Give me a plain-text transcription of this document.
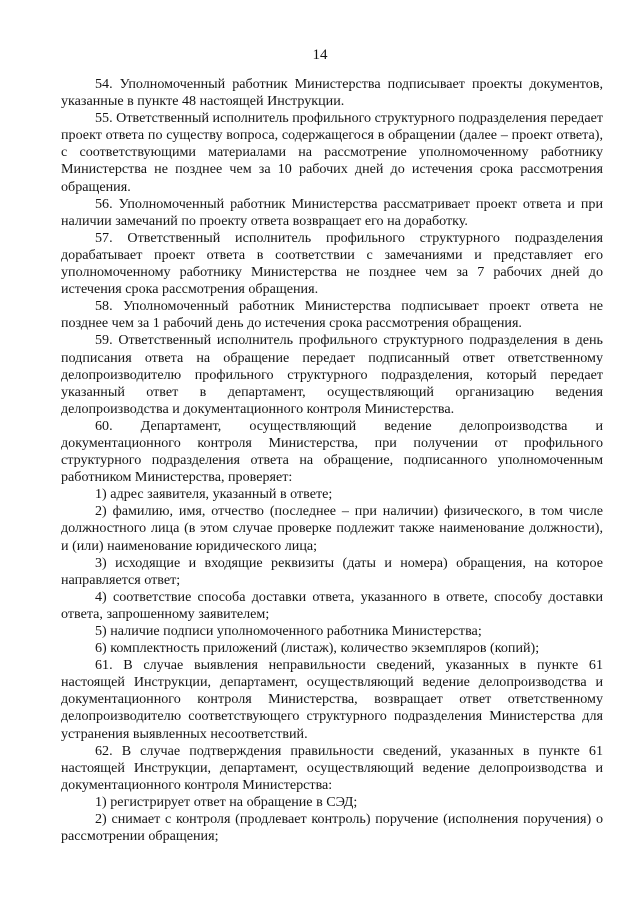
14

54. Уполномоченный работник Министерства подписывает проекты документов, указанные в пункте 48 настоящей Инструкции.

55. Ответственный исполнитель профильного структурного подразделения передает проект ответа по существу вопроса, содержащегося в обращении (далее – проект ответа), с соответствующими материалами на рассмотрение уполномоченному работнику Министерства не позднее чем за 10 рабочих дней до истечения срока рассмотрения обращения.

56. Уполномоченный работник Министерства рассматривает проект ответа и при наличии замечаний по проекту ответа возвращает его на доработку.

57. Ответственный исполнитель профильного структурного подразделения дорабатывает проект ответа в соответствии с замечаниями и представляет его уполномоченному работнику Министерства не позднее чем за 7 рабочих дней до истечения срока рассмотрения обращения.

58. Уполномоченный работник Министерства подписывает проект ответа не позднее чем за 1 рабочий день до истечения срока рассмотрения обращения.

59. Ответственный исполнитель профильного структурного подразделения в день подписания ответа на обращение передает подписанный ответ ответственному делопроизводителю профильного структурного подразделения, который передает указанный ответ в департамент, осуществляющий организацию ведения делопроизводства и документационного контроля Министерства.

60. Департамент, осуществляющий ведение делопроизводства и документационного контроля Министерства, при получении от профильного структурного подразделения ответа на обращение, подписанного уполномоченным работником Министерства, проверяет:

1) адрес заявителя, указанный в ответе;

2) фамилию, имя, отчество (последнее – при наличии) физического, в том числе должностного лица (в этом случае проверке подлежит также наименование должности), и (или) наименование юридического лица;

3) исходящие и входящие реквизиты (даты и номера) обращения, на которое направляется ответ;

4) соответствие способа доставки ответа, указанного в ответе, способу доставки ответа, запрошенному заявителем;

5) наличие подписи уполномоченного работника Министерства;

6) комплектность приложений (листаж), количество экземпляров (копий);

61. В случае выявления неправильности сведений, указанных в пункте 61 настоящей Инструкции, департамент, осуществляющий ведение делопроизводства и документационного контроля Министерства, возвращает ответ ответственному делопроизводителю соответствующего структурного подразделения Министерства для устранения выявленных несоответствий.

62. В случае подтверждения правильности сведений, указанных в пункте 61 настоящей Инструкции, департамент, осуществляющий ведение делопроизводства и документационного контроля Министерства:

1) регистрирует ответ на обращение в СЭД;

2) снимает с контроля (продлевает контроль) поручение (исполнения поручения) о рассмотрении обращения;
